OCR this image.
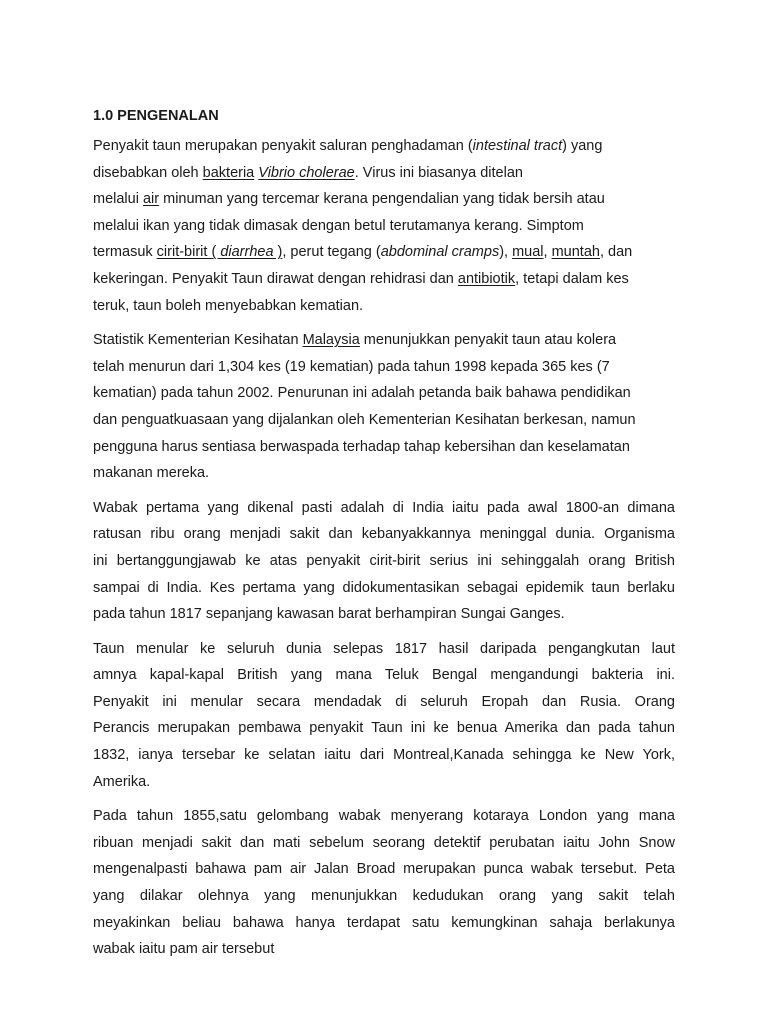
1.0 PENGENALAN
Penyakit taun merupakan penyakit saluran penghadaman (intestinal tract) yang
disebabkan oleh bakteria Vibrio cholerae. Virus ini biasanya ditelan
melalui air minuman yang tercemar kerana pengendalian yang tidak bersih atau
melalui ikan yang tidak dimasak dengan betul terutamanya kerang. Simptom
termasuk cirit-birit ( diarrhea ), perut tegang (abdominal cramps), mual, muntah, dan
kekeringan. Penyakit Taun dirawat dengan rehidrasi dan antibiotik, tetapi dalam kes
teruk, taun boleh menyebabkan kematian.
Statistik Kementerian Kesihatan Malaysia menunjukkan penyakit taun atau kolera
telah menurun dari 1,304 kes (19 kematian) pada tahun 1998 kepada 365 kes (7
kematian) pada tahun 2002. Penurunan ini adalah petanda baik bahawa pendidikan
dan penguatkuasaan yang dijalankan oleh Kementerian Kesihatan berkesan, namun
pengguna harus sentiasa berwaspada terhadap tahap kebersihan dan keselamatan
makanan mereka.
Wabak pertama yang dikenal pasti adalah di India iaitu pada awal 1800-an dimana
ratusan ribu orang menjadi sakit dan kebanyakkannya meninggal dunia. Organisma
ini bertanggungjawab ke atas penyakit cirit-birit serius ini sehinggalah orang British
sampai di India. Kes pertama yang didokumentasikan sebagai epidemik taun berlaku
pada tahun 1817 sepanjang kawasan barat berhampiran Sungai Ganges.
Taun menular ke seluruh dunia selepas 1817 hasil daripada pengangkutan laut
amnya kapal-kapal British yang mana Teluk Bengal mengandungi bakteria ini.
Penyakit ini menular secara mendadak di seluruh Eropah dan Rusia. Orang
Perancis merupakan pembawa penyakit Taun ini ke benua Amerika dan pada tahun
1832, ianya tersebar ke selatan iaitu dari Montreal,Kanada sehingga ke New York,
Amerika.
Pada tahun 1855,satu gelombang wabak menyerang kotaraya London yang mana
ribuan menjadi sakit dan mati sebelum seorang detektif perubatan iaitu John Snow
mengenalpasti bahawa pam air Jalan Broad merupakan punca wabak tersebut. Peta
yang dilakar olehnya yang menunjukkan kedudukan orang yang sakit telah
meyakinkan beliau bahawa hanya terdapat satu kemungkinan sahaja berlakunya
wabak iaitu pam air tersebut
